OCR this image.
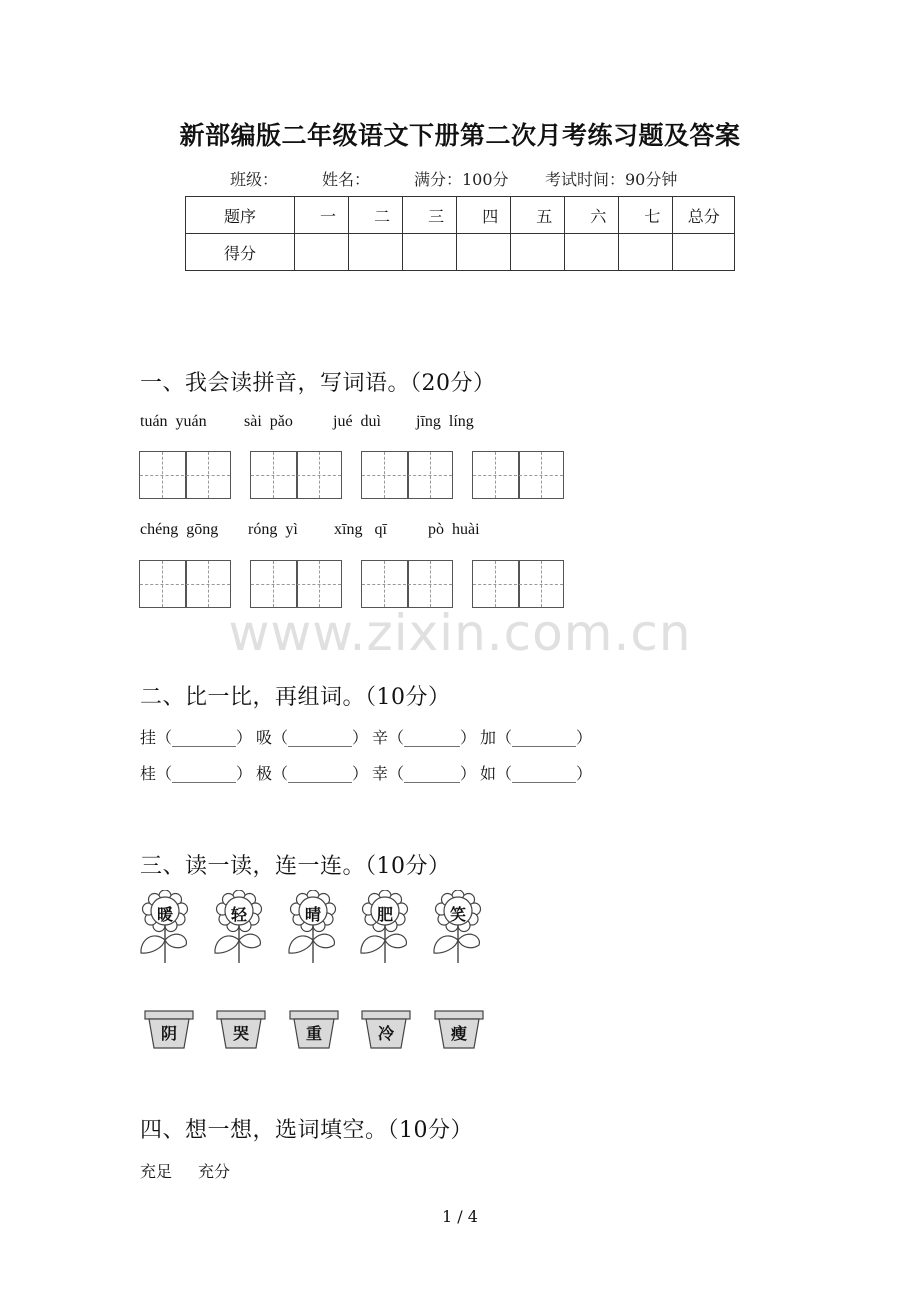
新部编版二年级语文下册第二次月考练习题及答案
班级：	姓名：	满分：100分 考试时间：90分钟
题序	一	二	三	四	五	六	七	总分
得分								
一、我会读拼音，写词语。（20分）
tuán  yuán sài  pǎo	jué  duì jīng  líng
chéng  gōng róng  yì xīng   qī	pò  huài
www.zixin.com.cn
二、比一比，再组词。（10分）
挂（________） 吸（________） 辛（_______） 加（________）
桂（________） 极（________） 幸（_______） 如（________）
三、读一读，连一连。（10分）
暖	轻	晴	肥	笑
阴	哭	重	冷	瘦
四、想一想，选词填空。（10分）
充足 充分
1 / 4
